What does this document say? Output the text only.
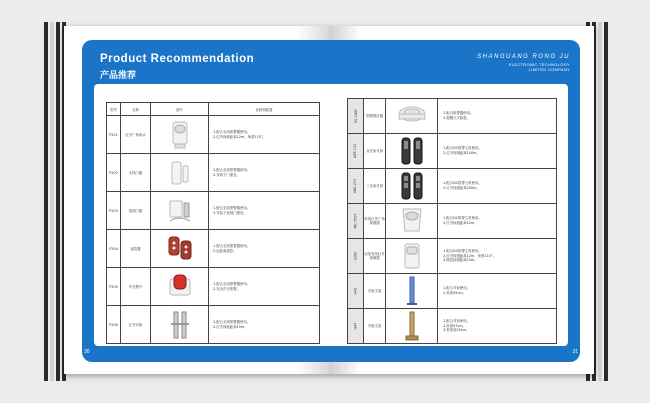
Product Recommendation
产品推荐
30
型号	名称	照片	参数和配置
P201	红外广角探头		1.配合无线报警器使用。
2.红外探测距离12m，角度110°。

P202	无线门磁		1.配合无线报警器使用。
2.安装于门窗处。

P203	卷闸门磁		1.配合无线报警器使用。
2.安装于卷闸门窗处。

P204	遥控器		1.配合无线报警器使用。
2.远距离遥控。

P205	声光警号		1.配合无线报警器使用。
2.发出声光报警。

P206	红外对射		1.配合无线报警器使用。
2.红外探测距离15m。
SHANGUANG RONG JU
ELECTRONIC TECHNOLOGY
LIMITED COMPANY
31
SS-168F	烟雾感应器		1.配合报警器使用。
2.提醒火灾隐患。

ABT-100	双光束对射		1.配合DC报警主机使用。
2.红外探测距离100m。

ABE-200	三光束对射		1.配合DC报警主机使用。
2.红外探测距离200m。

MC-750T	有线红外广角探测器		1.配合DC报警主机使用。
2.红外探测距离12m。

S260	双鉴有线红外探测器		1.配合DC报警主机使用。
2.红外探测距离12m，角度110°。
3.微波探测距离15m。

H45	对射支架		1.配合对射使用。
2.高度45cm。

H47	对射支架		1.配合对射使用。
2.高度47cm。
3.带底座25cm。
